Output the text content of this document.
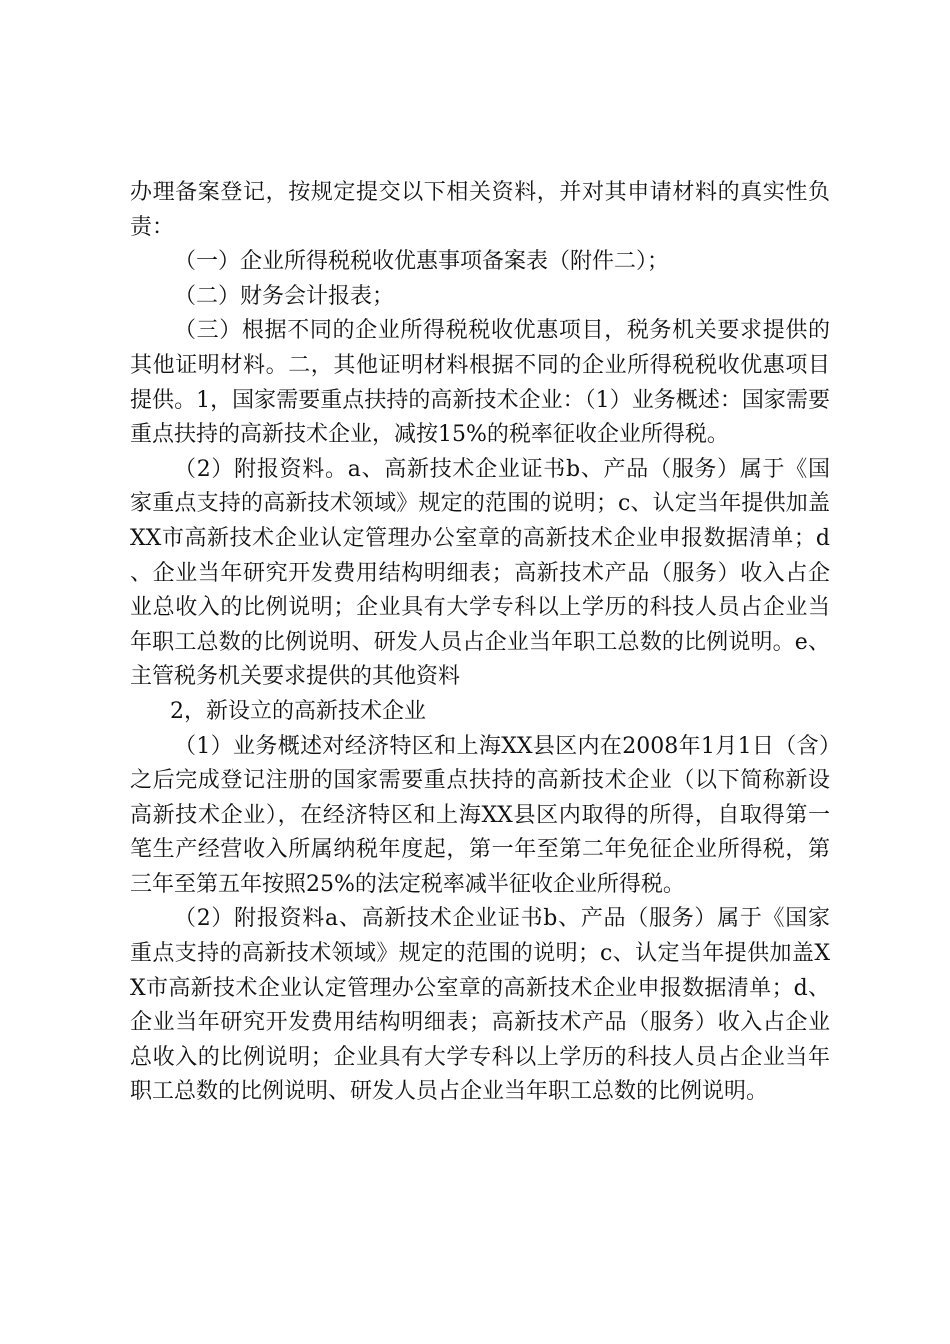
办理备案登记，按规定提交以下相关资料，并对其申请材料的真实性负责：

（一）企业所得税税收优惠事项备案表（附件二）；

（二）财务会计报表；

（三）根据不同的企业所得税税收优惠项目，税务机关要求提供的其他证明材料。二，其他证明材料根据不同的企业所得税税收优惠项目提供。1，国家需要重点扶持的高新技术企业：（1）业务概述：国家需要重点扶持的高新技术企业，减按15%的税率征收企业所得税。

（2）附报资料。a、高新技术企业证书b、产品（服务）属于《国家重点支持的高新技术领域》规定的范围的说明；c、认定当年提供加盖XX市高新技术企业认定管理办公室章的高新技术企业申报数据清单；d、企业当年研究开发费用结构明细表；高新技术产品（服务）收入占企业总收入的比例说明；企业具有大学专科以上学历的科技人员占企业当年职工总数的比例说明、研发人员占企业当年职工总数的比例说明。e、主管税务机关要求提供的其他资料

2，新设立的高新技术企业

（1）业务概述对经济特区和上海XX县区内在2008年1月1日（含）之后完成登记注册的国家需要重点扶持的高新技术企业（以下简称新设高新技术企业），在经济特区和上海XX县区内取得的所得，自取得第一笔生产经营收入所属纳税年度起，第一年至第二年免征企业所得税，第三年至第五年按照25%的法定税率减半征收企业所得税。

（2）附报资料a、高新技术企业证书b、产品（服务）属于《国家重点支持的高新技术领域》规定的范围的说明；c、认定当年提供加盖XX市高新技术企业认定管理办公室章的高新技术企业申报数据清单；d、企业当年研究开发费用结构明细表；高新技术产品（服务）收入占企业总收入的比例说明；企业具有大学专科以上学历的科技人员占企业当年职工总数的比例说明、研发人员占企业当年职工总数的比例说明。
